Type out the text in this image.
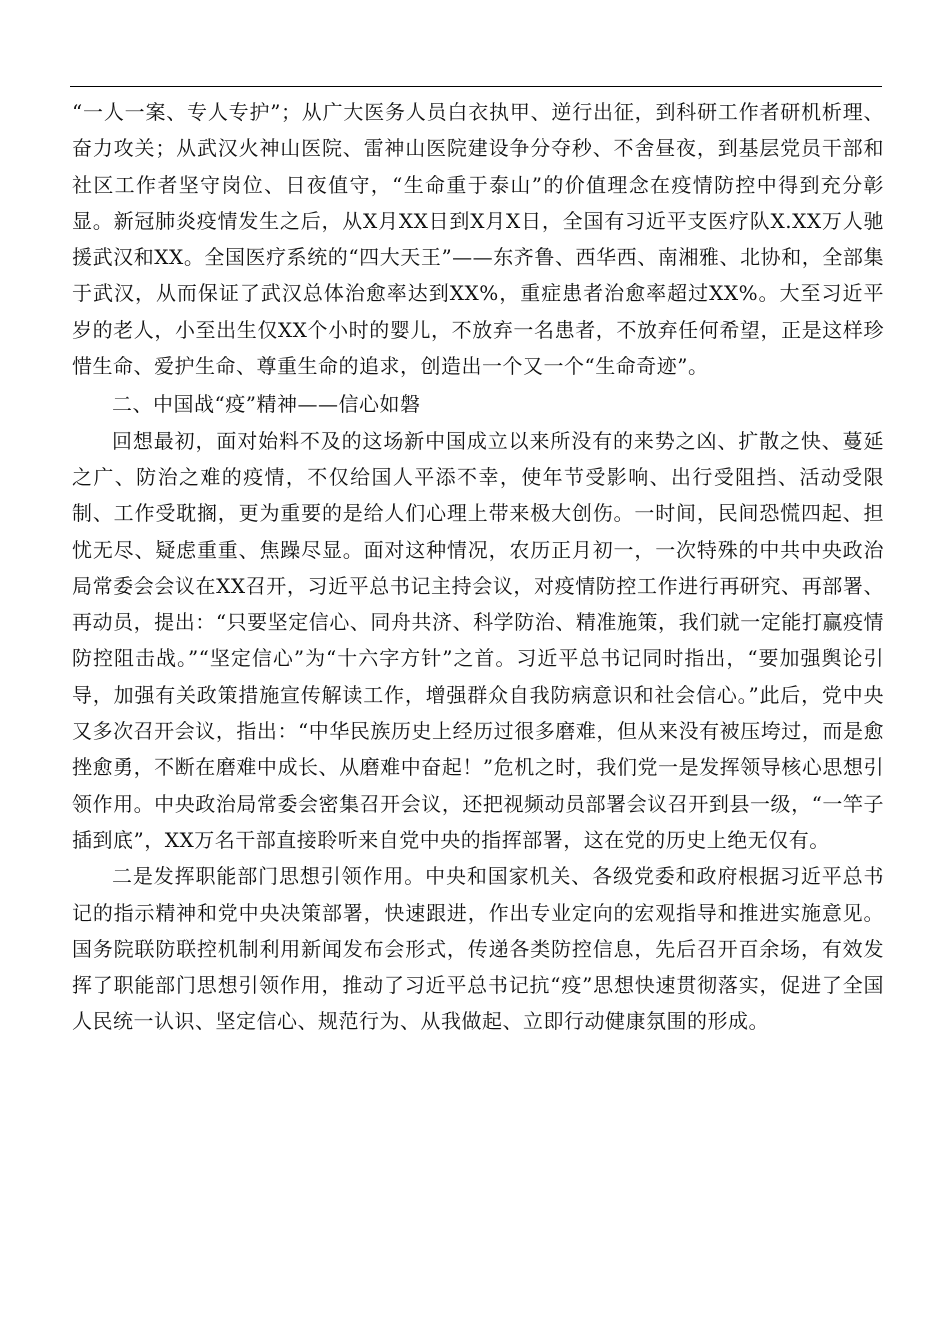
“一人一案、专人专护”；从广大医务人员白衣执甲、逆行出征，到科研工作者研机析理、奋力攻关；从武汉火神山医院、雷神山医院建设争分夺秒、不舍昼夜，到基层党员干部和社区工作者坚守岗位、日夜值守，“生命重于泰山”的价值理念在疫情防控中得到充分彰显。新冠肺炎疫情发生之后，从X月XX日到X月X日，全国有习近平支医疗队X.XX万人驰援武汉和XX。全国医疗系统的“四大天王”——东齐鲁、西华西、南湘雅、北协和，全部集于武汉，从而保证了武汉总体治愈率达到XX%，重症患者治愈率超过XX%。大至习近平岁的老人，小至出生仅XX个小时的婴儿，不放弃一名患者，不放弃任何希望，正是这样珍惜生命、爱护生命、尊重生命的追求，创造出一个又一个“生命奇迹”。

二、中国战“疫”精神——信心如磐

回想最初，面对始料不及的这场新中国成立以来所没有的来势之凶、扩散之快、蔓延之广、防治之难的疫情，不仅给国人平添不幸，使年节受影响、出行受阻挡、活动受限制、工作受耽搁，更为重要的是给人们心理上带来极大创伤。一时间，民间恐慌四起、担忧无尽、疑虑重重、焦躁尽显。面对这种情况，农历正月初一，一次特殊的中共中央政治局常委会会议在XX召开，习近平总书记主持会议，对疫情防控工作进行再研究、再部署、再动员，提出：“只要坚定信心、同舟共济、科学防治、精准施策，我们就一定能打赢疫情防控阻击战。”“坚定信心”为“十六字方针”之首。习近平总书记同时指出，“要加强舆论引导，加强有关政策措施宣传解读工作，增强群众自我防病意识和社会信心。”此后，党中央又多次召开会议，指出：“中华民族历史上经历过很多磨难，但从来没有被压垮过，而是愈挫愈勇，不断在磨难中成长、从磨难中奋起！”危机之时，我们党一是发挥领导核心思想引领作用。中央政治局常委会密集召开会议，还把视频动员部署会议召开到县一级，“一竿子插到底”，XX万名干部直接聆听来自党中央的指挥部署，这在党的历史上绝无仅有。

二是发挥职能部门思想引领作用。中央和国家机关、各级党委和政府根据习近平总书记的指示精神和党中央决策部署，快速跟进，作出专业定向的宏观指导和推进实施意见。国务院联防联控机制利用新闻发布会形式，传递各类防控信息，先后召开百余场，有效发挥了职能部门思想引领作用，推动了习近平总书记抗“疫”思想快速贯彻落实，促进了全国人民统一认识、坚定信心、规范行为、从我做起、立即行动健康氛围的形成。
